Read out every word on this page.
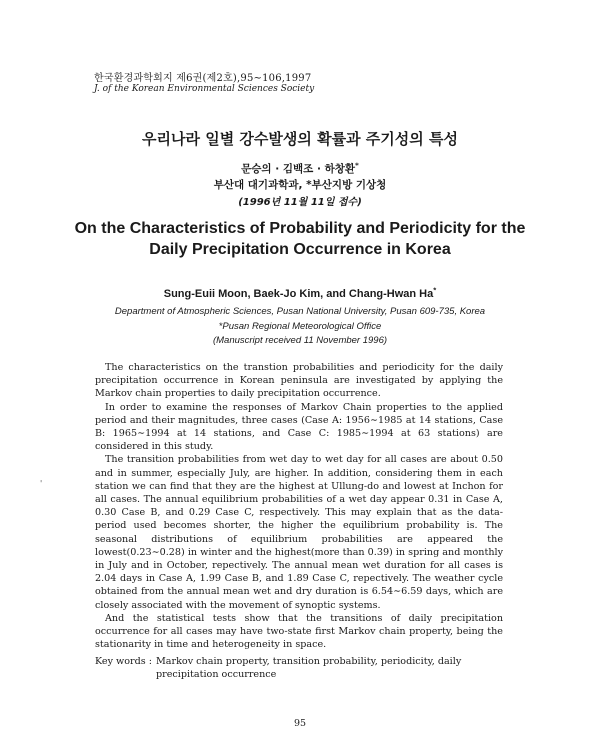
한국환경과학회지 제6권(제2호),95∼106,1997
J. of the Korean Environmental Sciences Society
우리나라 일별 강수발생의 확률과 주기성의 특성
문승의 · 김백조 · 하창환*
부산대 대기과학과, *부산지방 기상청
(1996년 11월 11일 접수)
On the Characteristics of Probability and Periodicity for the Daily Precipitation Occurrence in Korea
Sung-Euii Moon, Baek-Jo Kim, and Chang-Hwan Ha*
Department of Atmospheric Sciences, Pusan National University, Pusan 609-735, Korea
*Pusan Regional Meteorological Office
(Manuscript received 11 November 1996)
'

The characteristics on the transtion probabilities and periodicity for the daily precipitation occurrence in Korean peninsula are investigated by applying the Markov chain properties to daily precipitation occurrence.

In order to examine the responses of Markov Chain properties to the applied period and their magnitudes, three cases (Case A: 1956∼1985 at 14 stations, Case B: 1965∼1994 at 14 stations, and Case C: 1985∼1994 at 63 stations) are considered in this study.

The transition probabilities from wet day to wet day for all cases are about 0.50 and in summer, especially July, are higher. In addition, considering them in each station we can find that they are the highest at Ullung-do and lowest at Inchon for all cases. The annual equilibrium probabilities of a wet day appear 0.31 in Case A, 0.30 Case B, and 0.29 Case C, respectively. This may explain that as the data-period used becomes shorter, the higher the equilibrium probability is. The seasonal distributions of equilibrium probabilities are appeared the lowest(0.23∼0.28) in winter and the highest(more than 0.39) in spring and monthly in July and in October, repectively. The annual mean wet duration for all cases is 2.04 days in Case A, 1.99 Case B, and 1.89 Case C, repectively. The weather cycle obtained from the annual mean wet and dry duration is 6.54∼6.59 days, which are closely associated with the movement of synoptic systems.

And the statistical tests show that the transitions of daily precipitation occurrence for all cases may have two-state first Markov chain property, being the stationarity in time and heterogeneity in space.

Key words : Markov chain property, transition probability, periodicity, daily precipitation occurrence
95
